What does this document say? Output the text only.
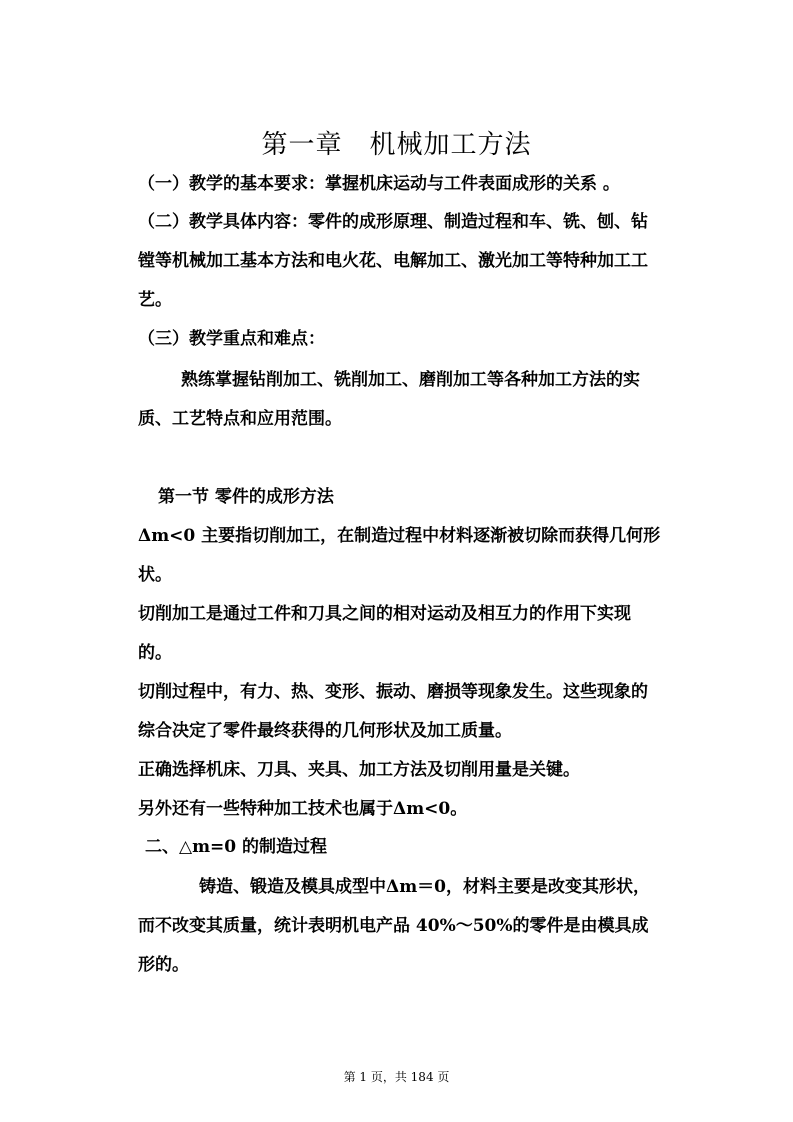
第一章　机械加工方法
（一）教学的基本要求：掌握机床运动与工件表面成形的关系 。
（二）教学具体内容：零件的成形原理、制造过程和车、铣、刨、钻
镗等机械加工基本方法和电火花、电解加工、激光加工等特种加工工
艺。
（三）教学重点和难点：
熟练掌握钻削加工、铣削加工、磨削加工等各种加工方法的实
质、工艺特点和应用范围。
第一节 零件的成形方法
Δm<0 主要指切削加工，在制造过程中材料逐渐被切除而获得几何形
状。
切削加工是通过工件和刀具之间的相对运动及相互力的作用下实现
的。
切削过程中，有力、热、变形、振动、磨损等现象发生。这些现象的
综合决定了零件最终获得的几何形状及加工质量。
正确选择机床、刀具、夹具、加工方法及切削用量是关键。
另外还有一些特种加工技术也属于Δm<0。
二、△m=0 的制造过程
铸造、锻造及模具成型中Δm＝0，材料主要是改变其形状，
而不改变其质量，统计表明机电产品 40%～50%的零件是由模具成
形的。
第 1 页，共 184 页
